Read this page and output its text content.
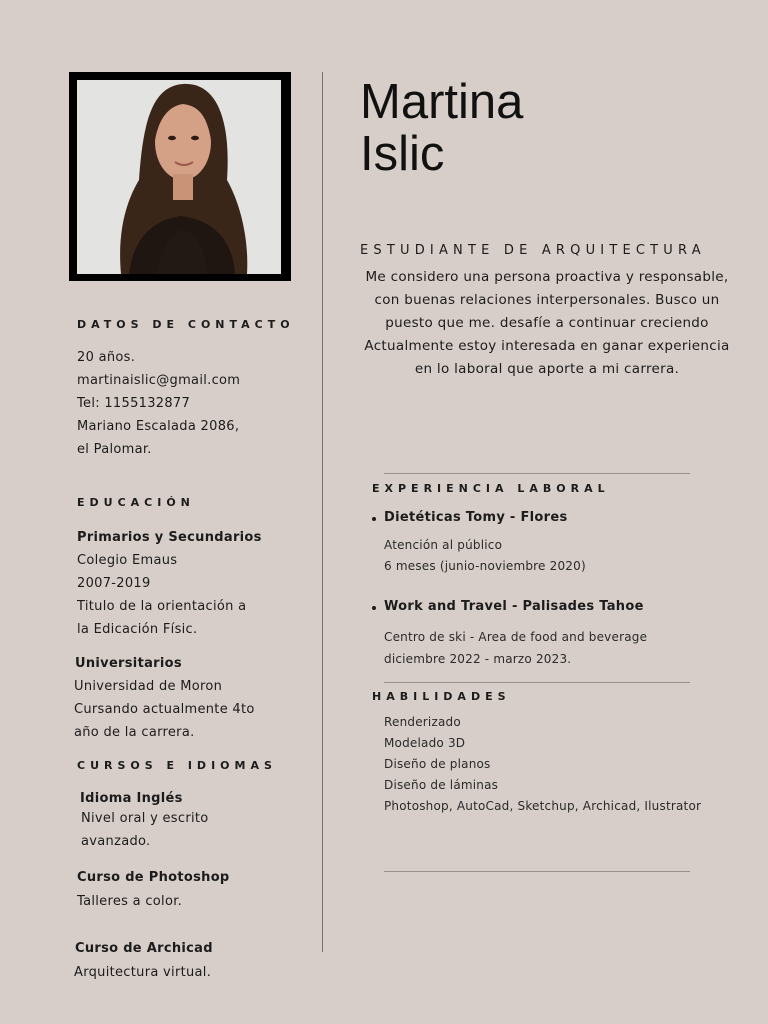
Martina
Islic
ESTUDIANTE DE ARQUITECTURA
Me considero una persona proactiva y responsable,
con buenas relaciones interpersonales. Busco un
puesto que me. desafíe a continuar creciendo
Actualmente estoy interesada en ganar experiencia
en lo laboral que aporte a mi carrera.
DATOS DE CONTACTO
20 años.
martinaislic@gmail.com
Tel: 1155132877
Mariano Escalada 2086,
el Palomar.
EDUCACIÓN
Primarios y Secundarios
Colegio Emaus
2007-2019
Titulo de la orientación a
la Edicación Físic.
Universitarios
Universidad de Moron
Cursando actualmente 4to
año de la carrera.
CURSOS E IDIOMAS
Idioma Inglés
Nivel oral y escrito
avanzado.
Curso de Photoshop
Talleres a color.
Curso de Archicad
Arquitectura virtual.
EXPERIENCIA LABORAL
Dietéticas Tomy - Flores
Atención al público
6 meses (junio-noviembre 2020)
Work and Travel - Palisades Tahoe
Centro de ski - Area de food and beverage
diciembre 2022 - marzo 2023.
HABILIDADES
Renderizado
Modelado 3D
Diseño de planos
Diseño de láminas
Photoshop, AutoCad, Sketchup, Archicad, Ilustrator
